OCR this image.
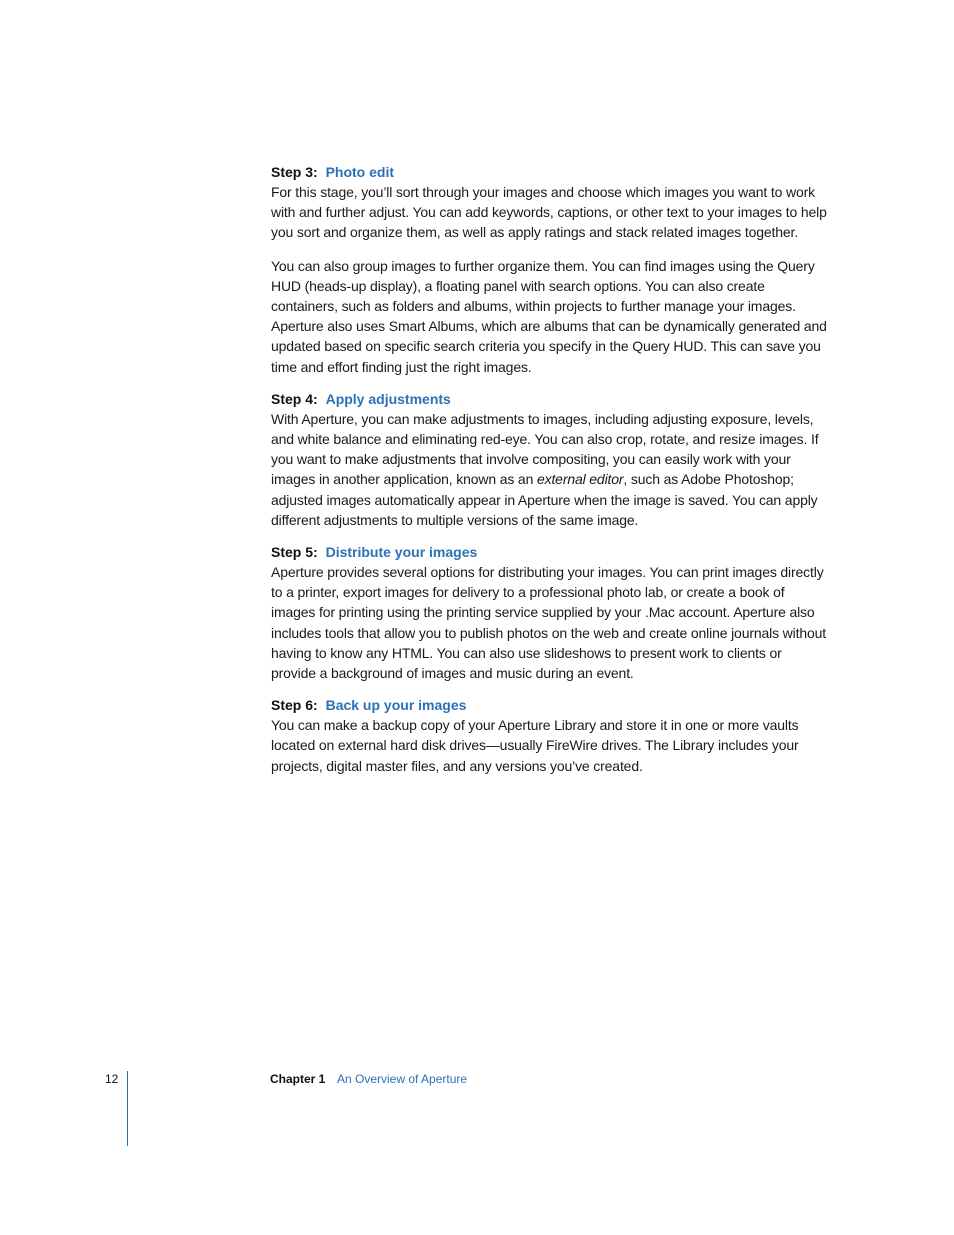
Step 3: Photo edit

For this stage, you’ll sort through your images and choose which images you want to work with and further adjust. You can add keywords, captions, or other text to your images to help you sort and organize them, as well as apply ratings and stack related images together.

You can also group images to further organize them. You can find images using the Query HUD (heads-up display), a floating panel with search options. You can also create containers, such as folders and albums, within projects to further manage your images. Aperture also uses Smart Albums, which are albums that can be dynamically generated and updated based on specific search criteria you specify in the Query HUD. This can save you time and effort finding just the right images.

Step 4: Apply adjustments

With Aperture, you can make adjustments to images, including adjusting exposure, levels, and white balance and eliminating red-eye. You can also crop, rotate, and resize images. If you want to make adjustments that involve compositing, you can easily work with your images in another application, known as an external editor, such as Adobe Photoshop; adjusted images automatically appear in Aperture when the image is saved. You can apply different adjustments to multiple versions of the same image.

Step 5: Distribute your images

Aperture provides several options for distributing your images. You can print images directly to a printer, export images for delivery to a professional photo lab, or create a book of images for printing using the printing service supplied by your .Mac account. Aperture also includes tools that allow you to publish photos on the web and create online journals without having to know any HTML. You can also use slideshows to present work to clients or provide a background of images and music during an event.

Step 6: Back up your images

You can make a backup copy of your Aperture Library and store it in one or more vaults located on external hard disk drives—usually FireWire drives. The Library includes your projects, digital master files, and any versions you’ve created.

12	Chapter 1 An Overview of Aperture
